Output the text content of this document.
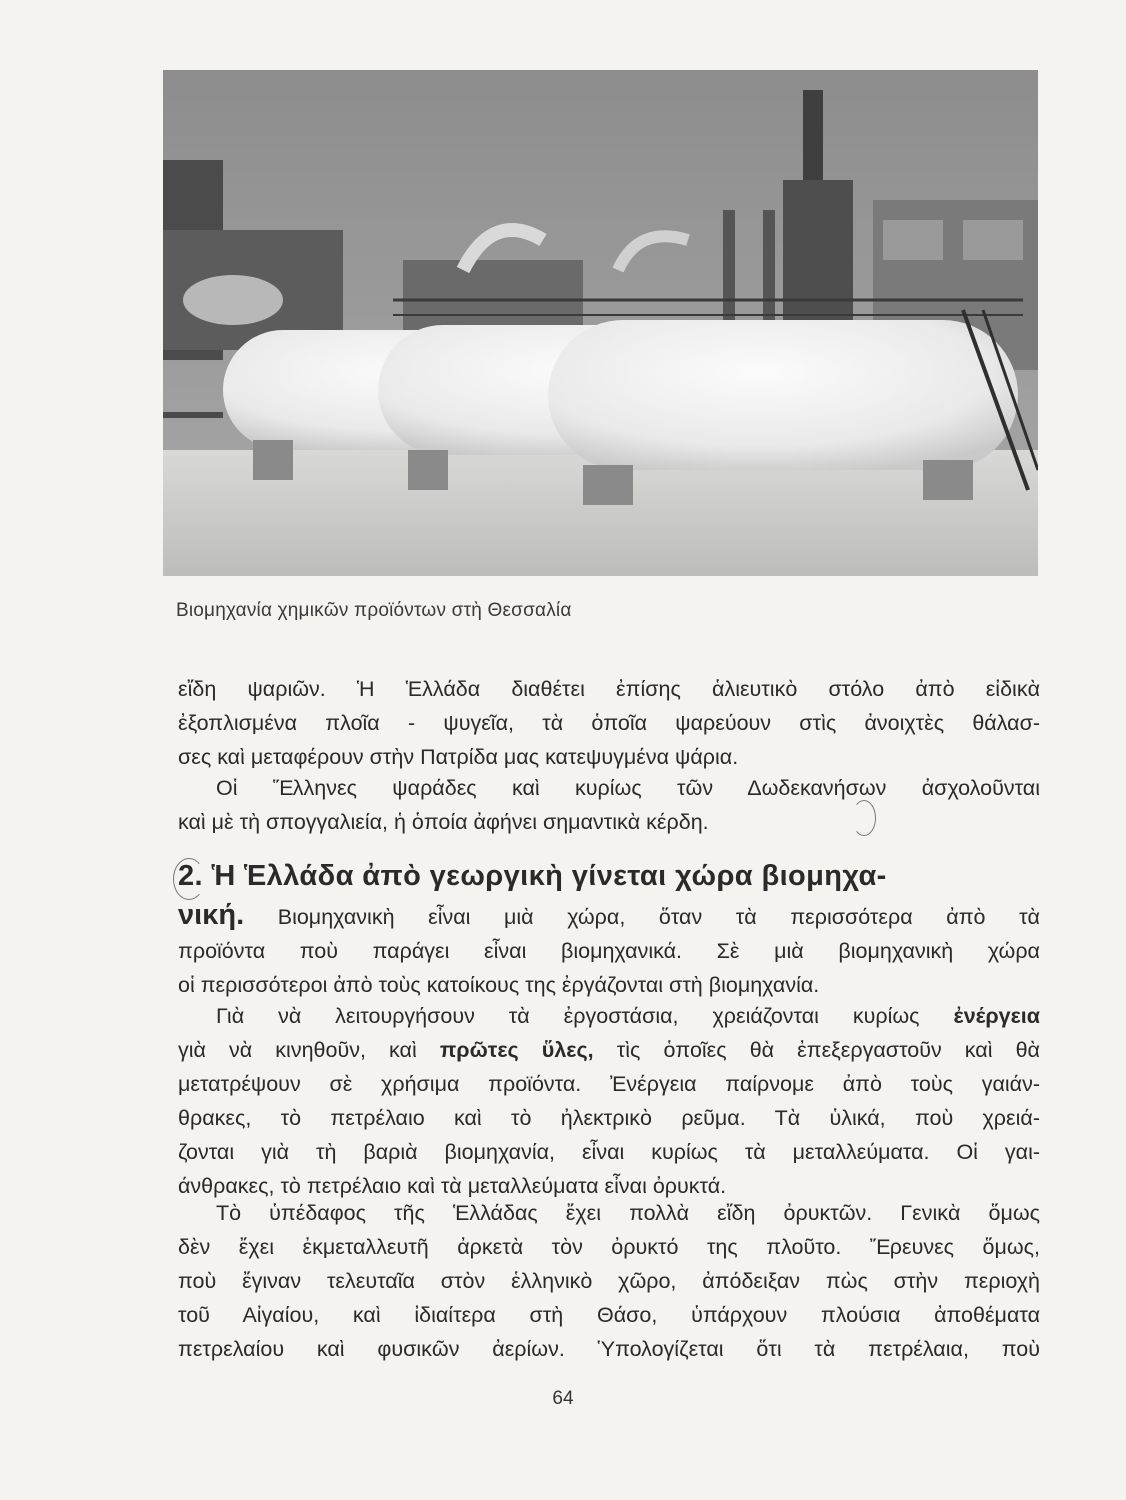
Βιομηχανία χημικῶν προϊόντων στὴ Θεσσαλία
εἴδη ψαριῶν. Ἡ Ἑλλάδα διαθέτει ἐπίσης ἁλιευτικὸ στόλο ἀπὸ εἰδικὰ
ἐξοπλισμένα πλοῖα - ψυγεῖα, τὰ ὁποῖα ψαρεύουν στὶς ἀνοιχτὲς θάλασ-
σες καὶ μεταφέρουν στὴν Πατρίδα μας κατεψυγμένα ψάρια.
Οἱ Ἕλληνες ψαράδες καὶ κυρίως τῶν Δωδεκανήσων ἀσχολοῦνται
καὶ μὲ τὴ σπογγαλιεία, ἡ ὁποία ἀφήνει σημαντικὰ κέρδη.
2. Ἡ Ἑλλάδα ἀπὸ γεωργικὴ γίνεται χώρα βιομηχα-
νική. Βιομηχανικὴ εἶναι μιὰ χώρα, ὅταν τὰ περισσότερα ἀπὸ τὰ
προϊόντα ποὺ παράγει εἶναι βιομηχανικά. Σὲ μιὰ βιομηχανικὴ χώρα
οἱ περισσότεροι ἀπὸ τοὺς κατοίκους της ἐργάζονται στὴ βιομηχανία.
Γιὰ νὰ λειτουργήσουν τὰ ἐργοστάσια, χρειάζονται κυρίως ἐνέργεια
γιὰ νὰ κινηθοῦν, καὶ πρῶτες ὕλες, τὶς ὁποῖες θὰ ἐπεξεργαστοῦν καὶ θὰ
μετατρέψουν σὲ χρήσιμα προϊόντα. Ἐνέργεια παίρνομε ἀπὸ τοὺς γαιάν-
θρακες, τὸ πετρέλαιο καὶ τὸ ἠλεκτρικὸ ρεῦμα. Τὰ ὑλικά, ποὺ χρειά-
ζονται γιὰ τὴ βαριὰ βιομηχανία, εἶναι κυρίως τὰ μεταλλεύματα. Οἱ γαι-
άνθρακες, τὸ πετρέλαιο καὶ τὰ μεταλλεύματα εἶναι ὀρυκτά.
Τὸ ὑπέδαφος τῆς Ἑλλάδας ἔχει πολλὰ εἴδη ὀρυκτῶν. Γενικὰ ὅμως
δὲν ἔχει ἐκμεταλλευτῆ ἀρκετὰ τὸν ὀρυκτό της πλοῦτο. Ἔρευνες ὅμως,
ποὺ ἔγιναν τελευταῖα στὸν ἑλληνικὸ χῶρο, ἀπόδειξαν πὼς στὴν περιοχὴ
τοῦ Αἰγαίου, καὶ ἰδιαίτερα στὴ Θάσο, ὑπάρχουν πλούσια ἀποθέματα
πετρελαίου καὶ φυσικῶν ἀερίων. Ὑπολογίζεται ὅτι τὰ πετρέλαια, ποὺ
64
